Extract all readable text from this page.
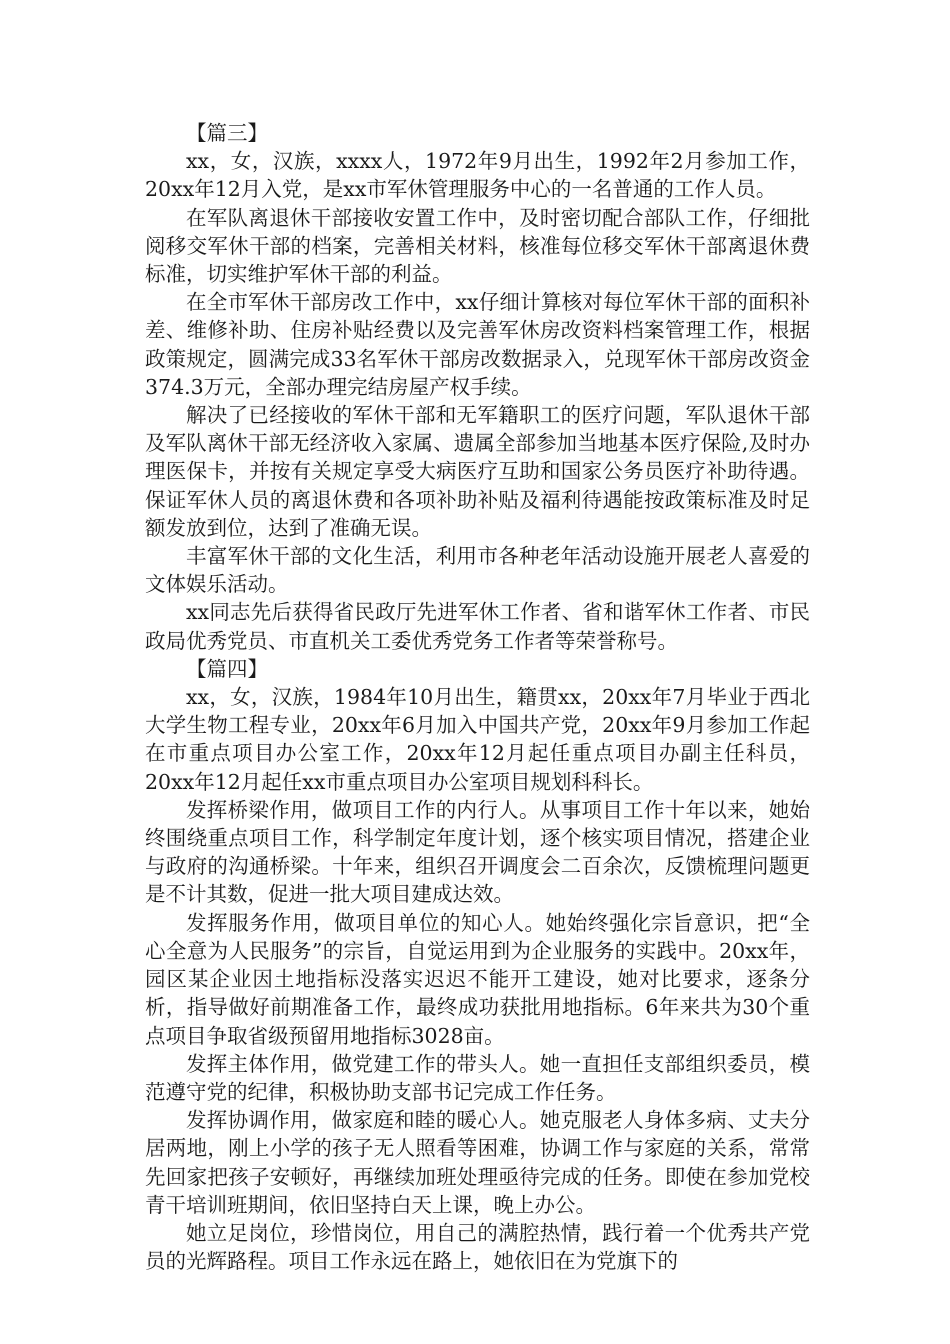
【篇三】

xx，女，汉族，xxxx人，1972年9月出生，1992年2月参加工作，20xx年12月入党，是xx市军休管理服务中心的一名普通的工作人员。

在军队离退休干部接收安置工作中，及时密切配合部队工作，仔细批阅移交军休干部的档案，完善相关材料，核准每位移交军休干部离退休费标准，切实维护军休干部的利益。

在全市军休干部房改工作中，xx仔细计算核对每位军休干部的面积补差、维修补助、住房补贴经费以及完善军休房改资料档案管理工作，根据政策规定，圆满完成33名军休干部房改数据录入，兑现军休干部房改资金374.3万元，全部办理完结房屋产权手续。

解决了已经接收的军休干部和无军籍职工的医疗问题，军队退休干部及军队离休干部无经济收入家属、遗属全部参加当地基本医疗保险,及时办理医保卡，并按有关规定享受大病医疗互助和国家公务员医疗补助待遇。保证军休人员的离退休费和各项补助补贴及福利待遇能按政策标准及时足额发放到位，达到了准确无误。

丰富军休干部的文化生活，利用市各种老年活动设施开展老人喜爱的文体娱乐活动。

xx同志先后获得省民政厅先进军休工作者、省和谐军休工作者、市民政局优秀党员、市直机关工委优秀党务工作者等荣誉称号。

【篇四】

xx，女，汉族，1984年10月出生，籍贯xx，20xx年7月毕业于西北大学生物工程专业，20xx年6月加入中国共产党，20xx年9月参加工作起在市重点项目办公室工作，20xx年12月起任重点项目办副主任科员，20xx年12月起任xx市重点项目办公室项目规划科科长。

发挥桥梁作用，做项目工作的内行人。从事项目工作十年以来，她始终围绕重点项目工作，科学制定年度计划，逐个核实项目情况，搭建企业与政府的沟通桥梁。十年来，组织召开调度会二百余次，反馈梳理问题更是不计其数，促进一批大项目建成达效。

发挥服务作用，做项目单位的知心人。她始终强化宗旨意识，把“全心全意为人民服务”的宗旨，自觉运用到为企业服务的实践中。20xx年，园区某企业因土地指标没落实迟迟不能开工建设，她对比要求，逐条分析，指导做好前期准备工作，最终成功获批用地指标。6年来共为30个重点项目争取省级预留用地指标3028亩。

发挥主体作用，做党建工作的带头人。她一直担任支部组织委员，模范遵守党的纪律，积极协助支部书记完成工作任务。

发挥协调作用，做家庭和睦的暖心人。她克服老人身体多病、丈夫分居两地，刚上小学的孩子无人照看等困难，协调工作与家庭的关系，常常先回家把孩子安顿好，再继续加班处理亟待完成的任务。即使在参加党校青干培训班期间，依旧坚持白天上课，晚上办公。

她立足岗位，珍惜岗位，用自己的满腔热情，践行着一个优秀共产党员的光辉路程。项目工作永远在路上，她依旧在为党旗下的
